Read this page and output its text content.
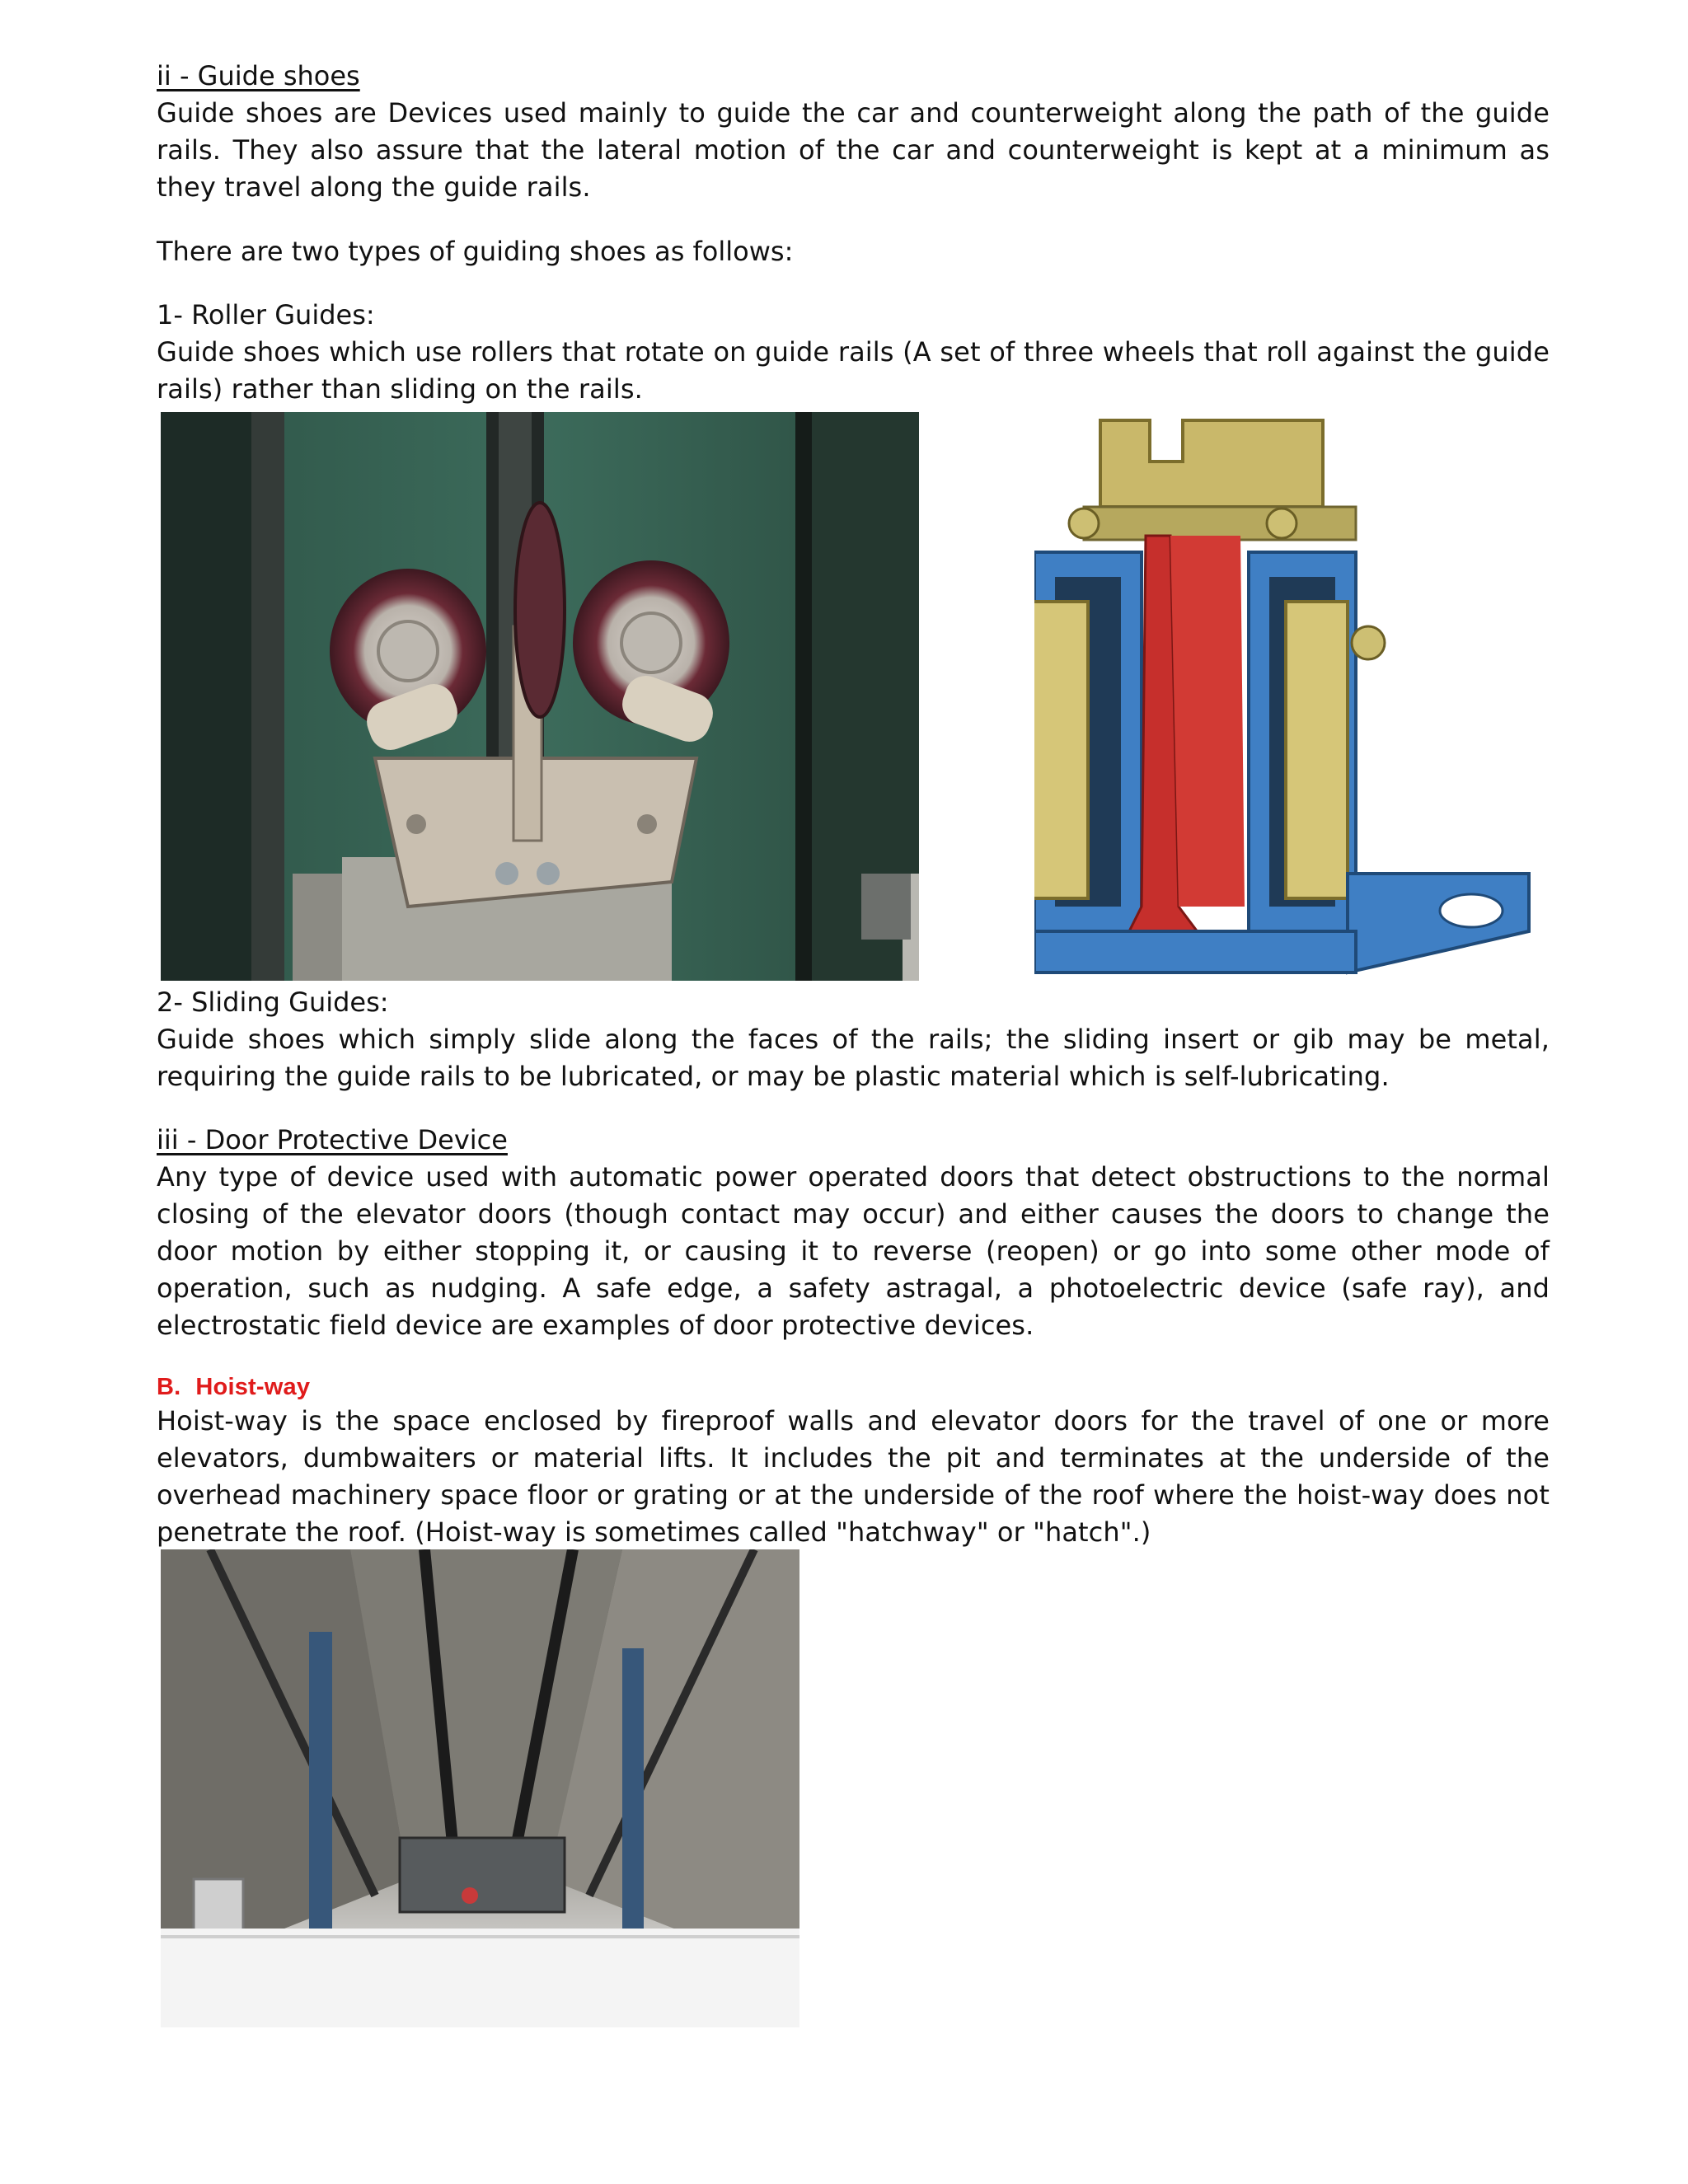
ii - Guide shoes
Guide shoes are Devices used mainly to guide the car and counterweight along the path of the guide rails. They also assure that the lateral motion of the car and counterweight is kept at a minimum as they travel along the guide rails.
There are two types of guiding shoes as follows:
1- Roller Guides:
Guide shoes which use rollers that rotate on guide rails (A set of three wheels that roll against the guide rails) rather than sliding on the rails.
2- Sliding Guides:
Guide shoes which simply slide along the faces of the rails; the sliding insert or gib may be metal, requiring the guide rails to be lubricated, or may be plastic material which is self-lubricating.
iii - Door Protective Device
Any type of device used with automatic power operated doors that detect obstructions to the normal closing of the elevator doors (though contact may occur) and either causes the doors to change the door motion by either stopping it, or causing it to reverse (reopen) or go into some other mode of operation, such as nudging. A safe edge, a safety astragal, a photoelectric device (safe ray), and electrostatic field device are examples of door protective devices.
B. Hoist-way
Hoist-way is the space enclosed by fireproof walls and elevator doors for the travel of one or more elevators, dumbwaiters or material lifts. It includes the pit and terminates at the underside of the overhead machinery space floor or grating or at the underside of the roof where the hoist-way does not penetrate the roof. (Hoist-way is sometimes called "hatchway" or "hatch".)
